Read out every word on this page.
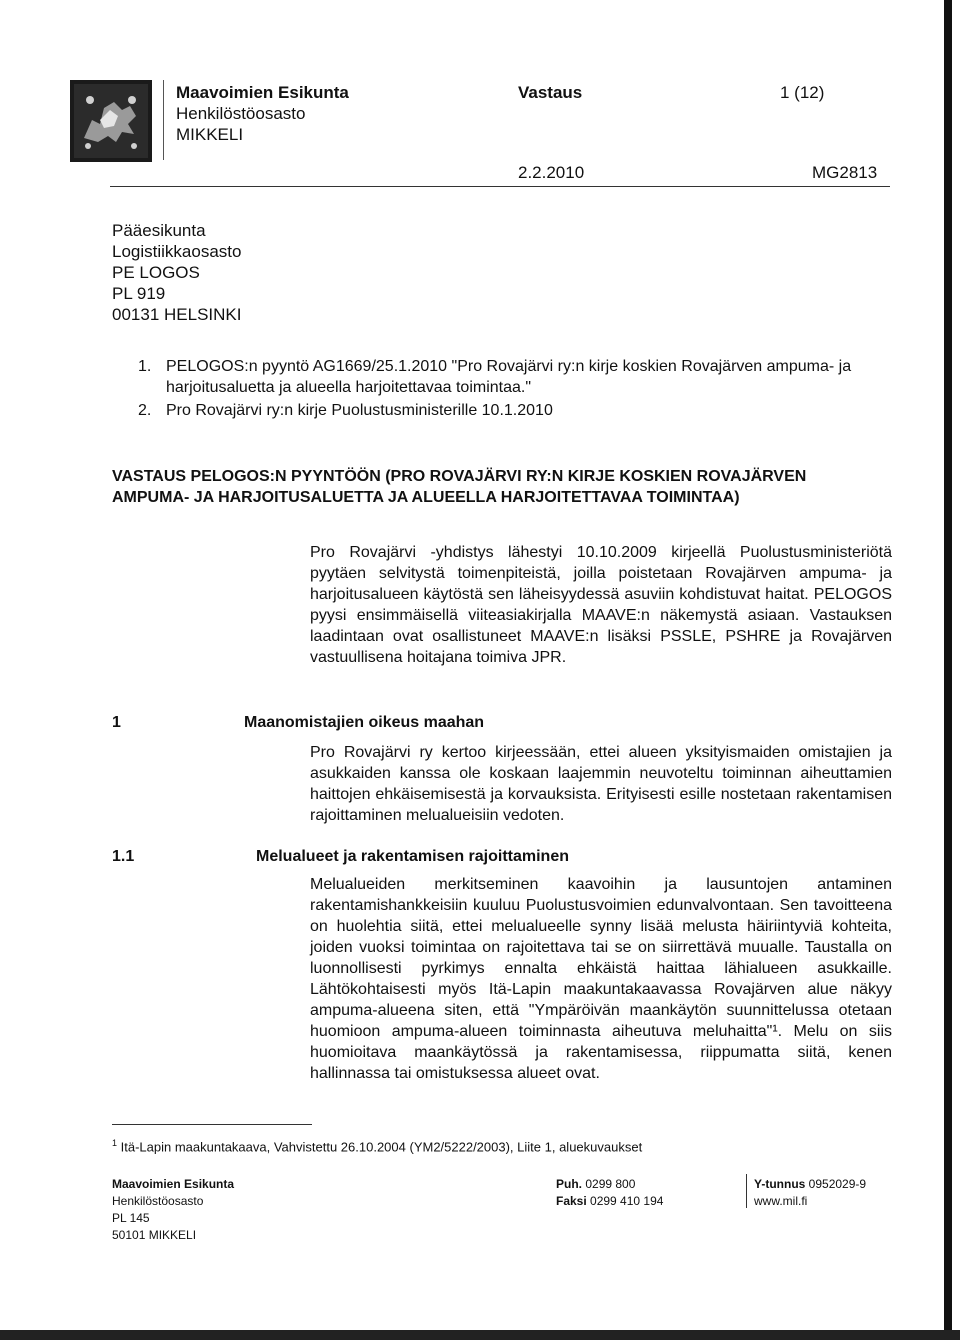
Maavoimien Esikunta
Henkilöstöosasto
MIKKELI
Vastaus	1 (12)
2.2.2010	MG2813
Pääesikunta
Logistiikkaosasto
PE LOGOS
PL 919
00131 HELSINKI
1. PELOGOS:n pyyntö AG1669/25.1.2010 "Pro Rovajärvi ry:n kirje koskien Rovajärven ampuma- ja harjoitusaluetta ja alueella harjoitettavaa toimintaa."
2. Pro Rovajärvi ry:n kirje Puolustusministerille 10.1.2010
VASTAUS PELOGOS:N PYYNTÖÖN (PRO ROVAJÄRVI RY:N KIRJE KOSKIEN ROVAJÄRVEN AMPUMA- JA HARJOITUSALUETTA JA ALUEELLA HARJOITETTAVAA TOIMINTAA)
Pro Rovajärvi -yhdistys lähestyi 10.10.2009 kirjeellä Puolustusministeriötä pyytäen selvitystä toimenpiteistä, joilla poistetaan Rovajärven ampuma- ja harjoitusalueen käytöstä sen läheisyydessä asuviin kohdistuvat haitat. PELOGOS pyysi ensimmäisellä viiteasiakirjalla MAAVE:n näkemystä asiaan. Vastauksen laadintaan ovat osallistuneet MAAVE:n lisäksi PSSLE, PSHRE ja Rovajärven vastuullisena hoitajana toimiva JPR.
1	Maanomistajien oikeus maahan
Pro Rovajärvi ry kertoo kirjeessään, ettei alueen yksityismaiden omistajien ja asukkaiden kanssa ole koskaan laajemmin neuvoteltu toiminnan aiheuttamien haittojen ehkäisemisestä ja korvauksista. Erityisesti esille nostetaan rakentamisen rajoittaminen melualueisiin vedoten.
1.1	Melualueet ja rakentamisen rajoittaminen
Melualueiden merkitseminen kaavoihin ja lausuntojen antaminen rakentamishankkeisiin kuuluu Puolustusvoimien edunvalvontaan. Sen tavoitteena on huolehtia siitä, ettei melualueelle synny lisää melusta häiriintyviä kohteita, joiden vuoksi toimintaa on rajoitettava tai se on siirrettävä muualle. Taustalla on luonnollisesti pyrkimys ennalta ehkäistä haittaa lähialueen asukkaille. Lähtökohtaisesti myös Itä-Lapin maakuntakaavassa Rovajärven alue näkyy ampuma-alueena siten, että "Ympäröivän maankäytön suunnittelussa otetaan huomioon ampuma-alueen toiminnasta aiheutuva meluhaitta"¹. Melu on siis huomioitava maankäytössä ja rakentamisessa, riippumatta siitä, kenen hallinnassa tai omistuksessa alueet ovat.
$^1$ Itä-Lapin maakuntakaava, Vahvistettu 26.10.2004 (YM2/5222/2003), Liite 1, aluekuvaukset
Maavoimien Esikunta
Henkilöstöosasto
PL 145
50101 MIKKELI
Puh. 0299 800
Faksi 0299 410 194
Y-tunnus 0952029-9
www.mil.fi
